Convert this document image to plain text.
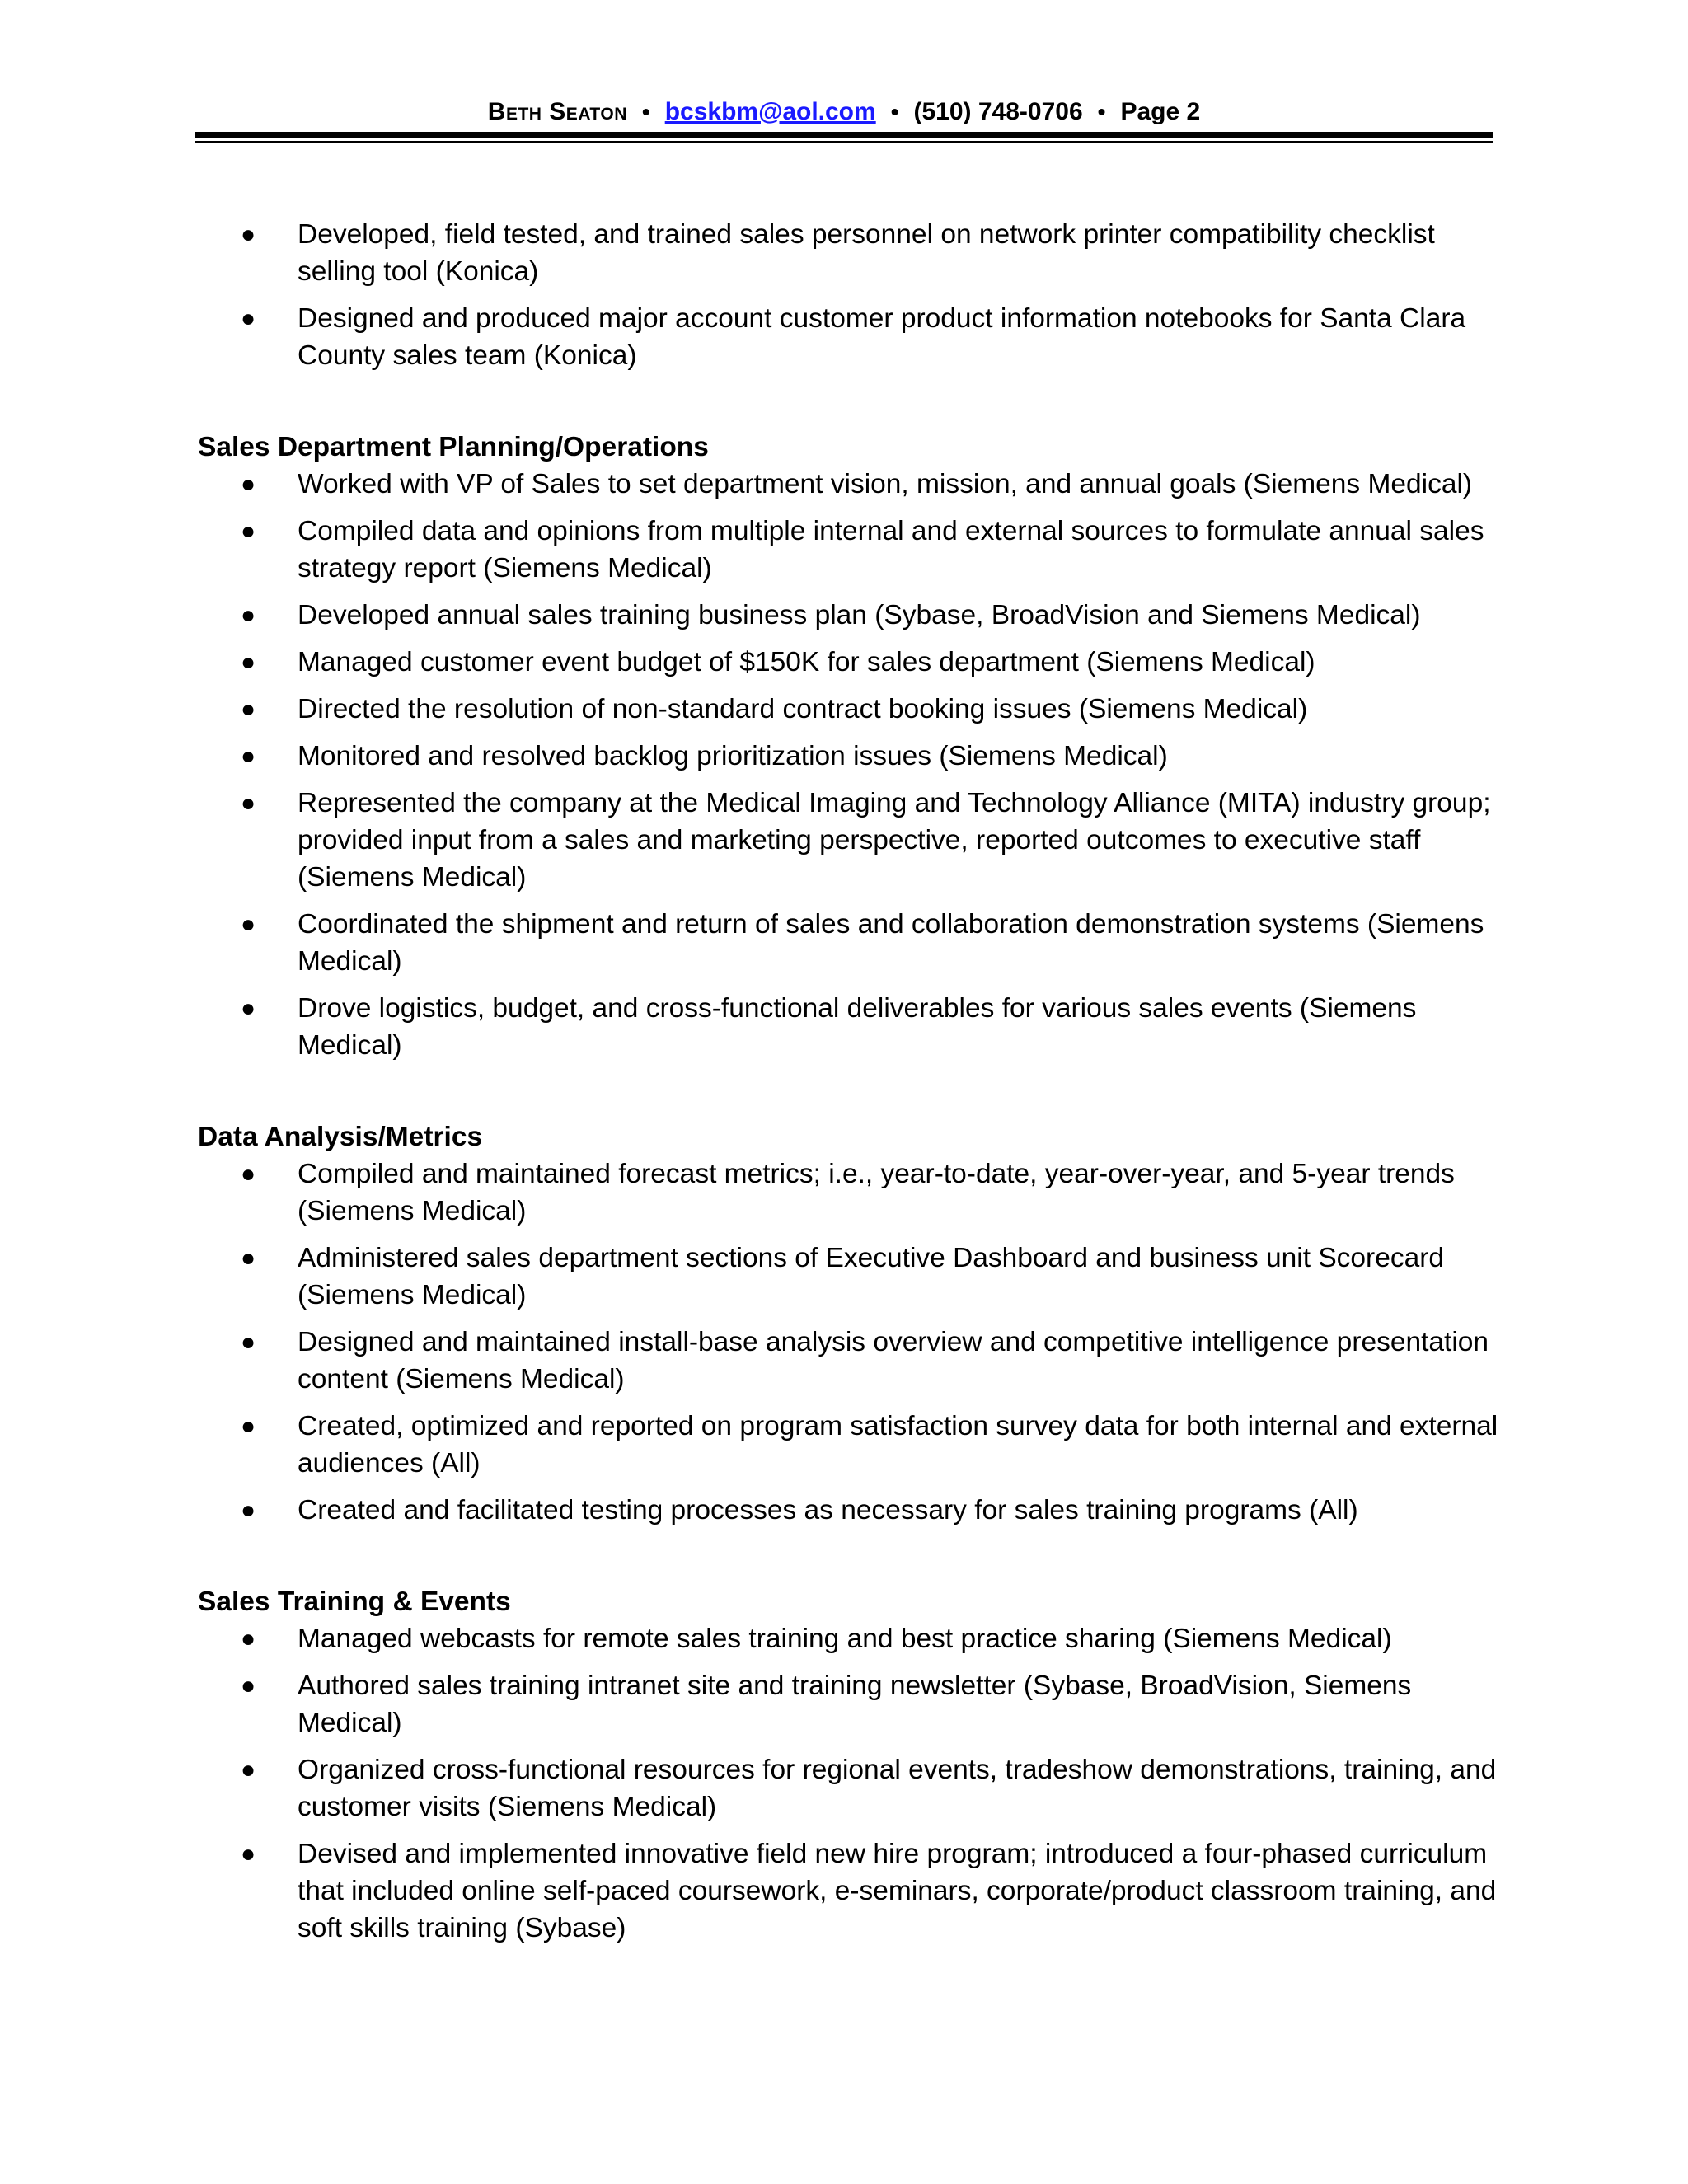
Beth Seaton • bcskbm@aol.com • (510) 748-0706 • Page 2
● Developed, field tested, and trained sales personnel on network printer compatibility checklist selling tool (Konica)
● Designed and produced major account customer product information notebooks for Santa Clara County sales team (Konica)
Sales Department Planning/Operations
● Worked with VP of Sales to set department vision, mission, and annual goals (Siemens Medical)
● Compiled data and opinions from multiple internal and external sources to formulate annual sales strategy report (Siemens Medical)
● Developed annual sales training business plan (Sybase, BroadVision and Siemens Medical)
● Managed customer event budget of $150K for sales department (Siemens Medical)
● Directed the resolution of non-standard contract booking issues (Siemens Medical)
● Monitored and resolved backlog prioritization issues (Siemens Medical)
● Represented the company at the Medical Imaging and Technology Alliance (MITA) industry group; provided input from a sales and marketing perspective, reported outcomes to executive staff (Siemens Medical)
● Coordinated the shipment and return of sales and collaboration demonstration systems (Siemens Medical)
● Drove logistics, budget, and cross-functional deliverables for various sales events (Siemens Medical)
Data Analysis/Metrics
● Compiled and maintained forecast metrics; i.e., year-to-date, year-over-year, and 5-year trends (Siemens Medical)
● Administered sales department sections of Executive Dashboard and business unit Scorecard (Siemens Medical)
● Designed and maintained install-base analysis overview and competitive intelligence presentation content (Siemens Medical)
● Created, optimized and reported on program satisfaction survey data for both internal and external audiences (All)
● Created and facilitated testing processes as necessary for sales training programs (All)
Sales Training & Events
● Managed webcasts for remote sales training and best practice sharing (Siemens Medical)
● Authored sales training intranet site and training newsletter (Sybase, BroadVision, Siemens Medical)
● Organized cross-functional resources for regional events, tradeshow demonstrations, training, and customer visits (Siemens Medical)
● Devised and implemented innovative field new hire program; introduced a four-phased curriculum that included online self-paced coursework, e-seminars, corporate/product classroom training, and soft skills training (Sybase)
